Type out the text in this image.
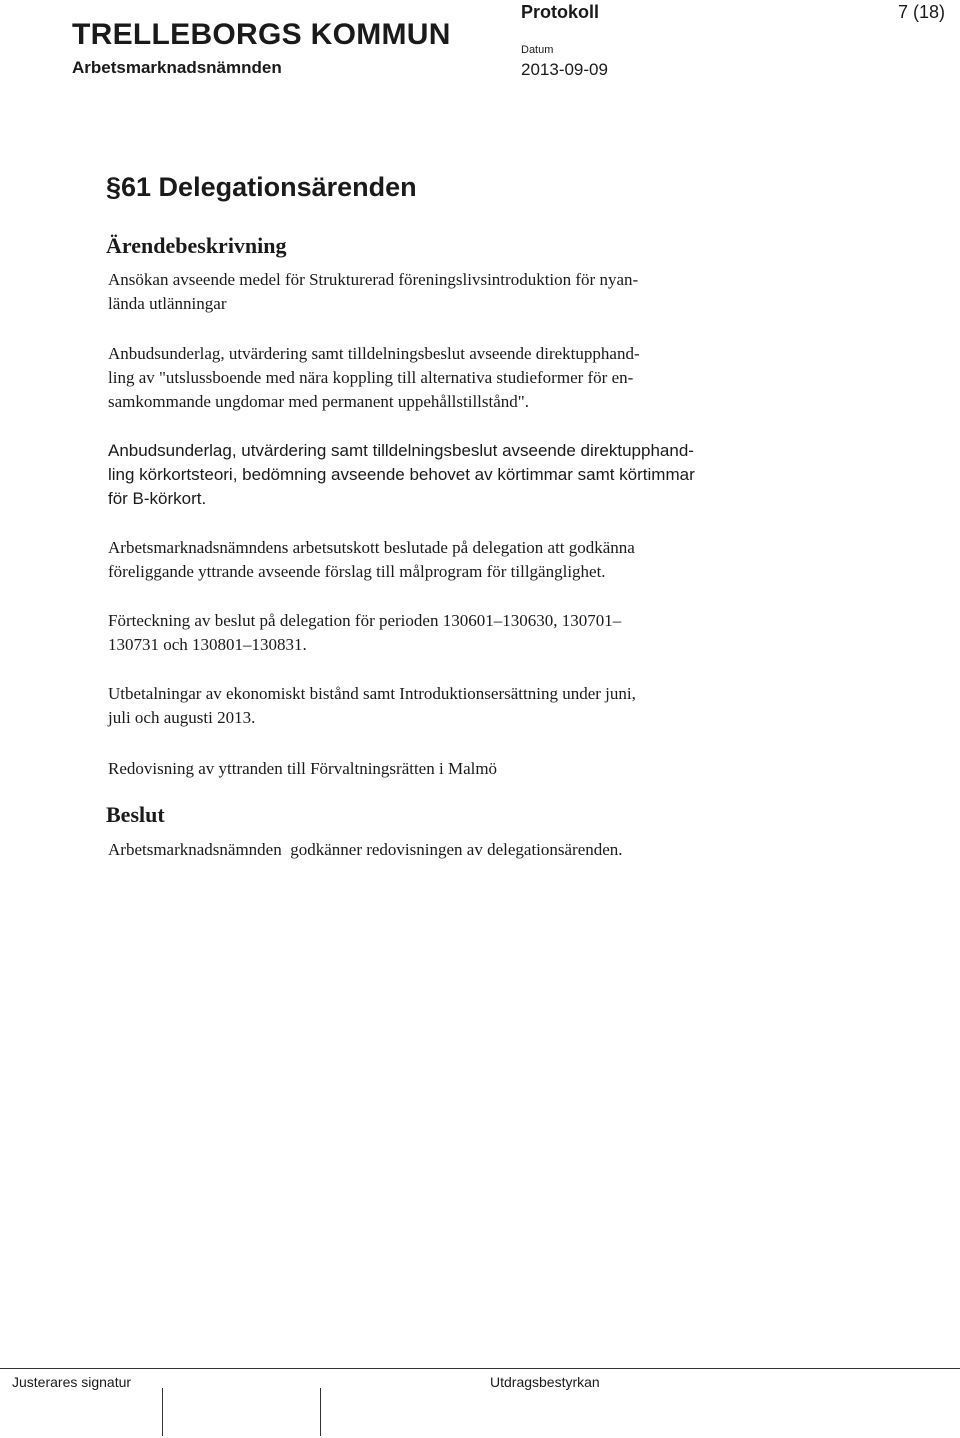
TRELLEBORGS KOMMUN
Arbetsmarknadsnämnden
Protokoll	7 (18)
Datum
2013-09-09
§61 Delegationsärenden
Ärendebeskrivning
Ansökan avseende medel för Strukturerad föreningslivsintroduktion för nyan-
lända utlänningar
Anbudsunderlag, utvärdering samt tilldelningsbeslut avseende direktupphand-
ling av "utslussboende med nära koppling till alternativa studieformer för en-
samkommande ungdomar med permanent uppehållstillstånd".
Anbudsunderlag, utvärdering samt tilldelningsbeslut avseende direktupphand-
ling körkortsteori, bedömning avseende behovet av körtimmar samt körtimmar
för B-körkort.
Arbetsmarknadsnämndens arbetsutskott beslutade på delegation att godkänna
föreliggande yttrande avseende förslag till målprogram för tillgänglighet.
Förteckning av beslut på delegation för perioden 130601–130630, 130701–
130731 och 130801–130831.
Utbetalningar av ekonomiskt bistånd samt Introduktionsersättning under juni,
juli och augusti 2013.
Redovisning av yttranden till Förvaltningsrätten i Malmö
Beslut
Arbetsmarknadsnämnden  godkänner redovisningen av delegationsärenden.
Justerares signatur	Utdragsbestyrkan
